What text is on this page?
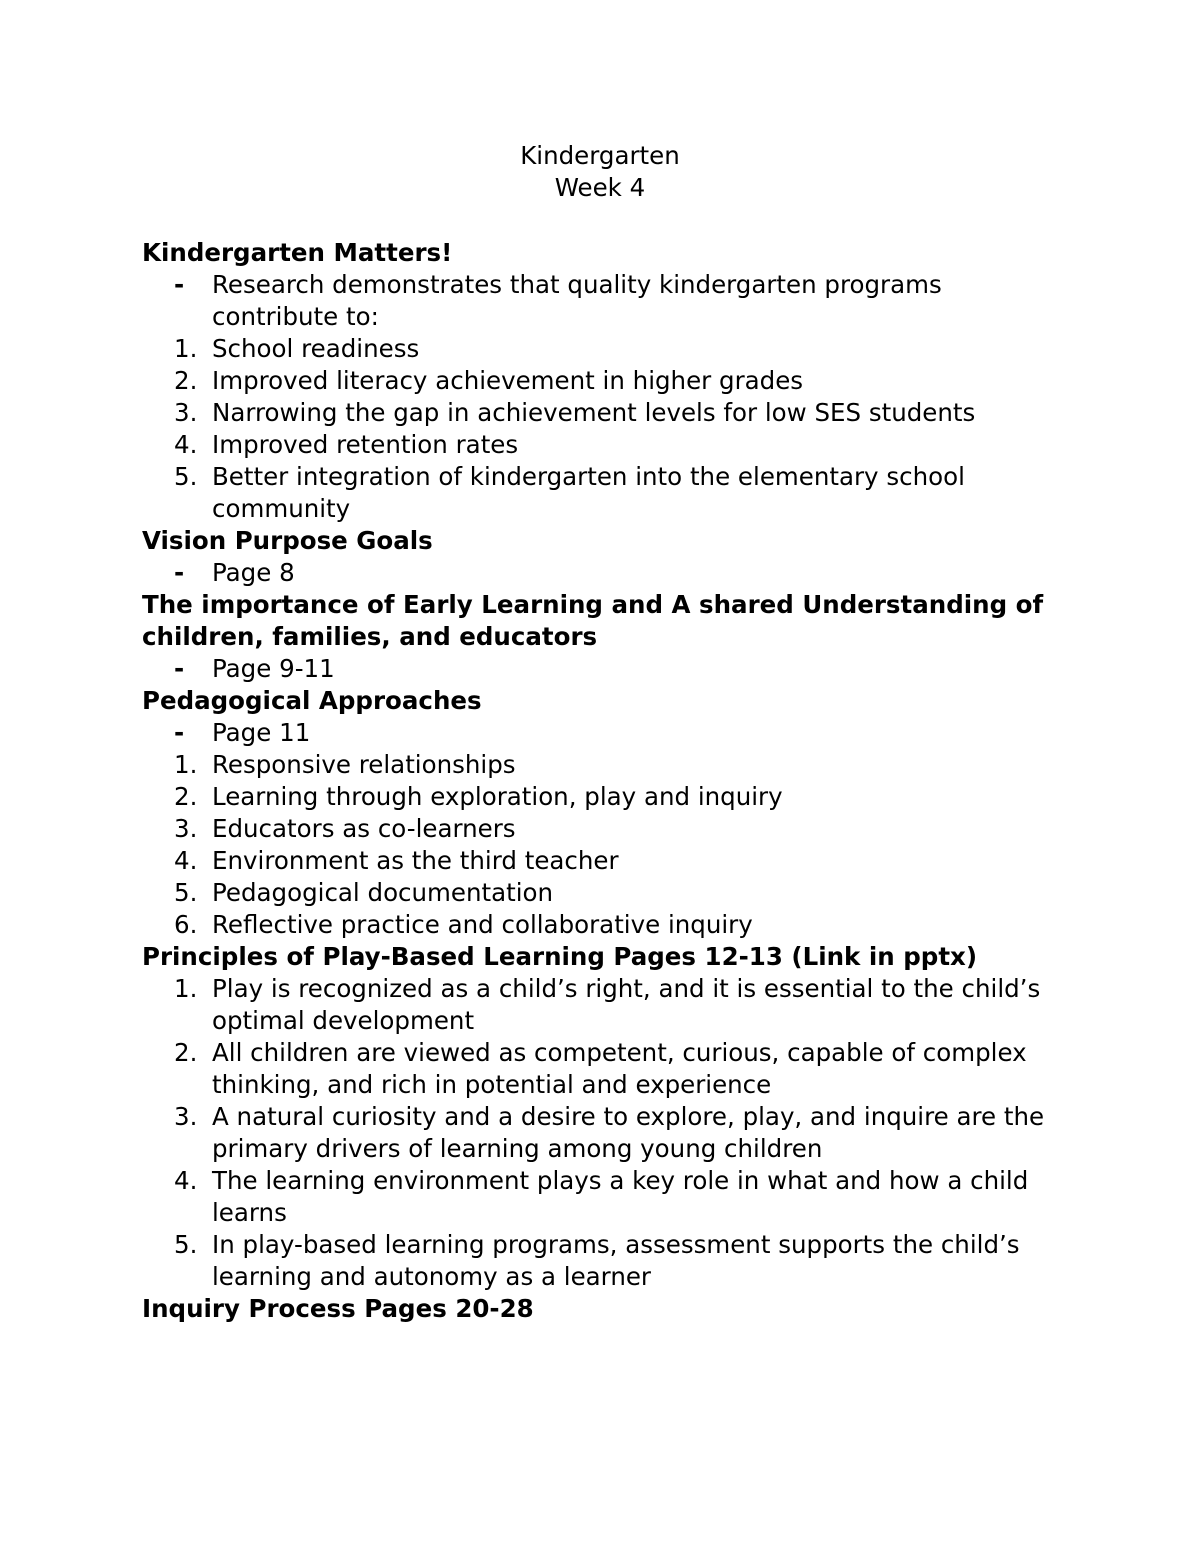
Kindergarten
Week 4
Kindergarten Matters!
- Research demonstrates that quality kindergarten programs contribute to:
1. School readiness
2. Improved literacy achievement in higher grades
3. Narrowing the gap in achievement levels for low SES students
4. Improved retention rates
5. Better integration of kindergarten into the elementary school community
Vision Purpose Goals
- Page 8
The importance of Early Learning and A shared Understanding of children, families, and educators
- Page 9-11
Pedagogical Approaches
- Page 11
1. Responsive relationships
2. Learning through exploration, play and inquiry
3. Educators as co-learners
4. Environment as the third teacher
5. Pedagogical documentation
6. Reflective practice and collaborative inquiry
Principles of Play-Based Learning Pages 12-13 (Link in pptx)
1. Play is recognized as a child’s right, and it is essential to the child’s optimal development
2. All children are viewed as competent, curious, capable of complex thinking, and rich in potential and experience
3. A natural curiosity and a desire to explore, play, and inquire are the primary drivers of learning among young children
4. The learning environment plays a key role in what and how a child learns
5. In play-based learning programs, assessment supports the child’s learning and autonomy as a learner
Inquiry Process Pages 20-28
